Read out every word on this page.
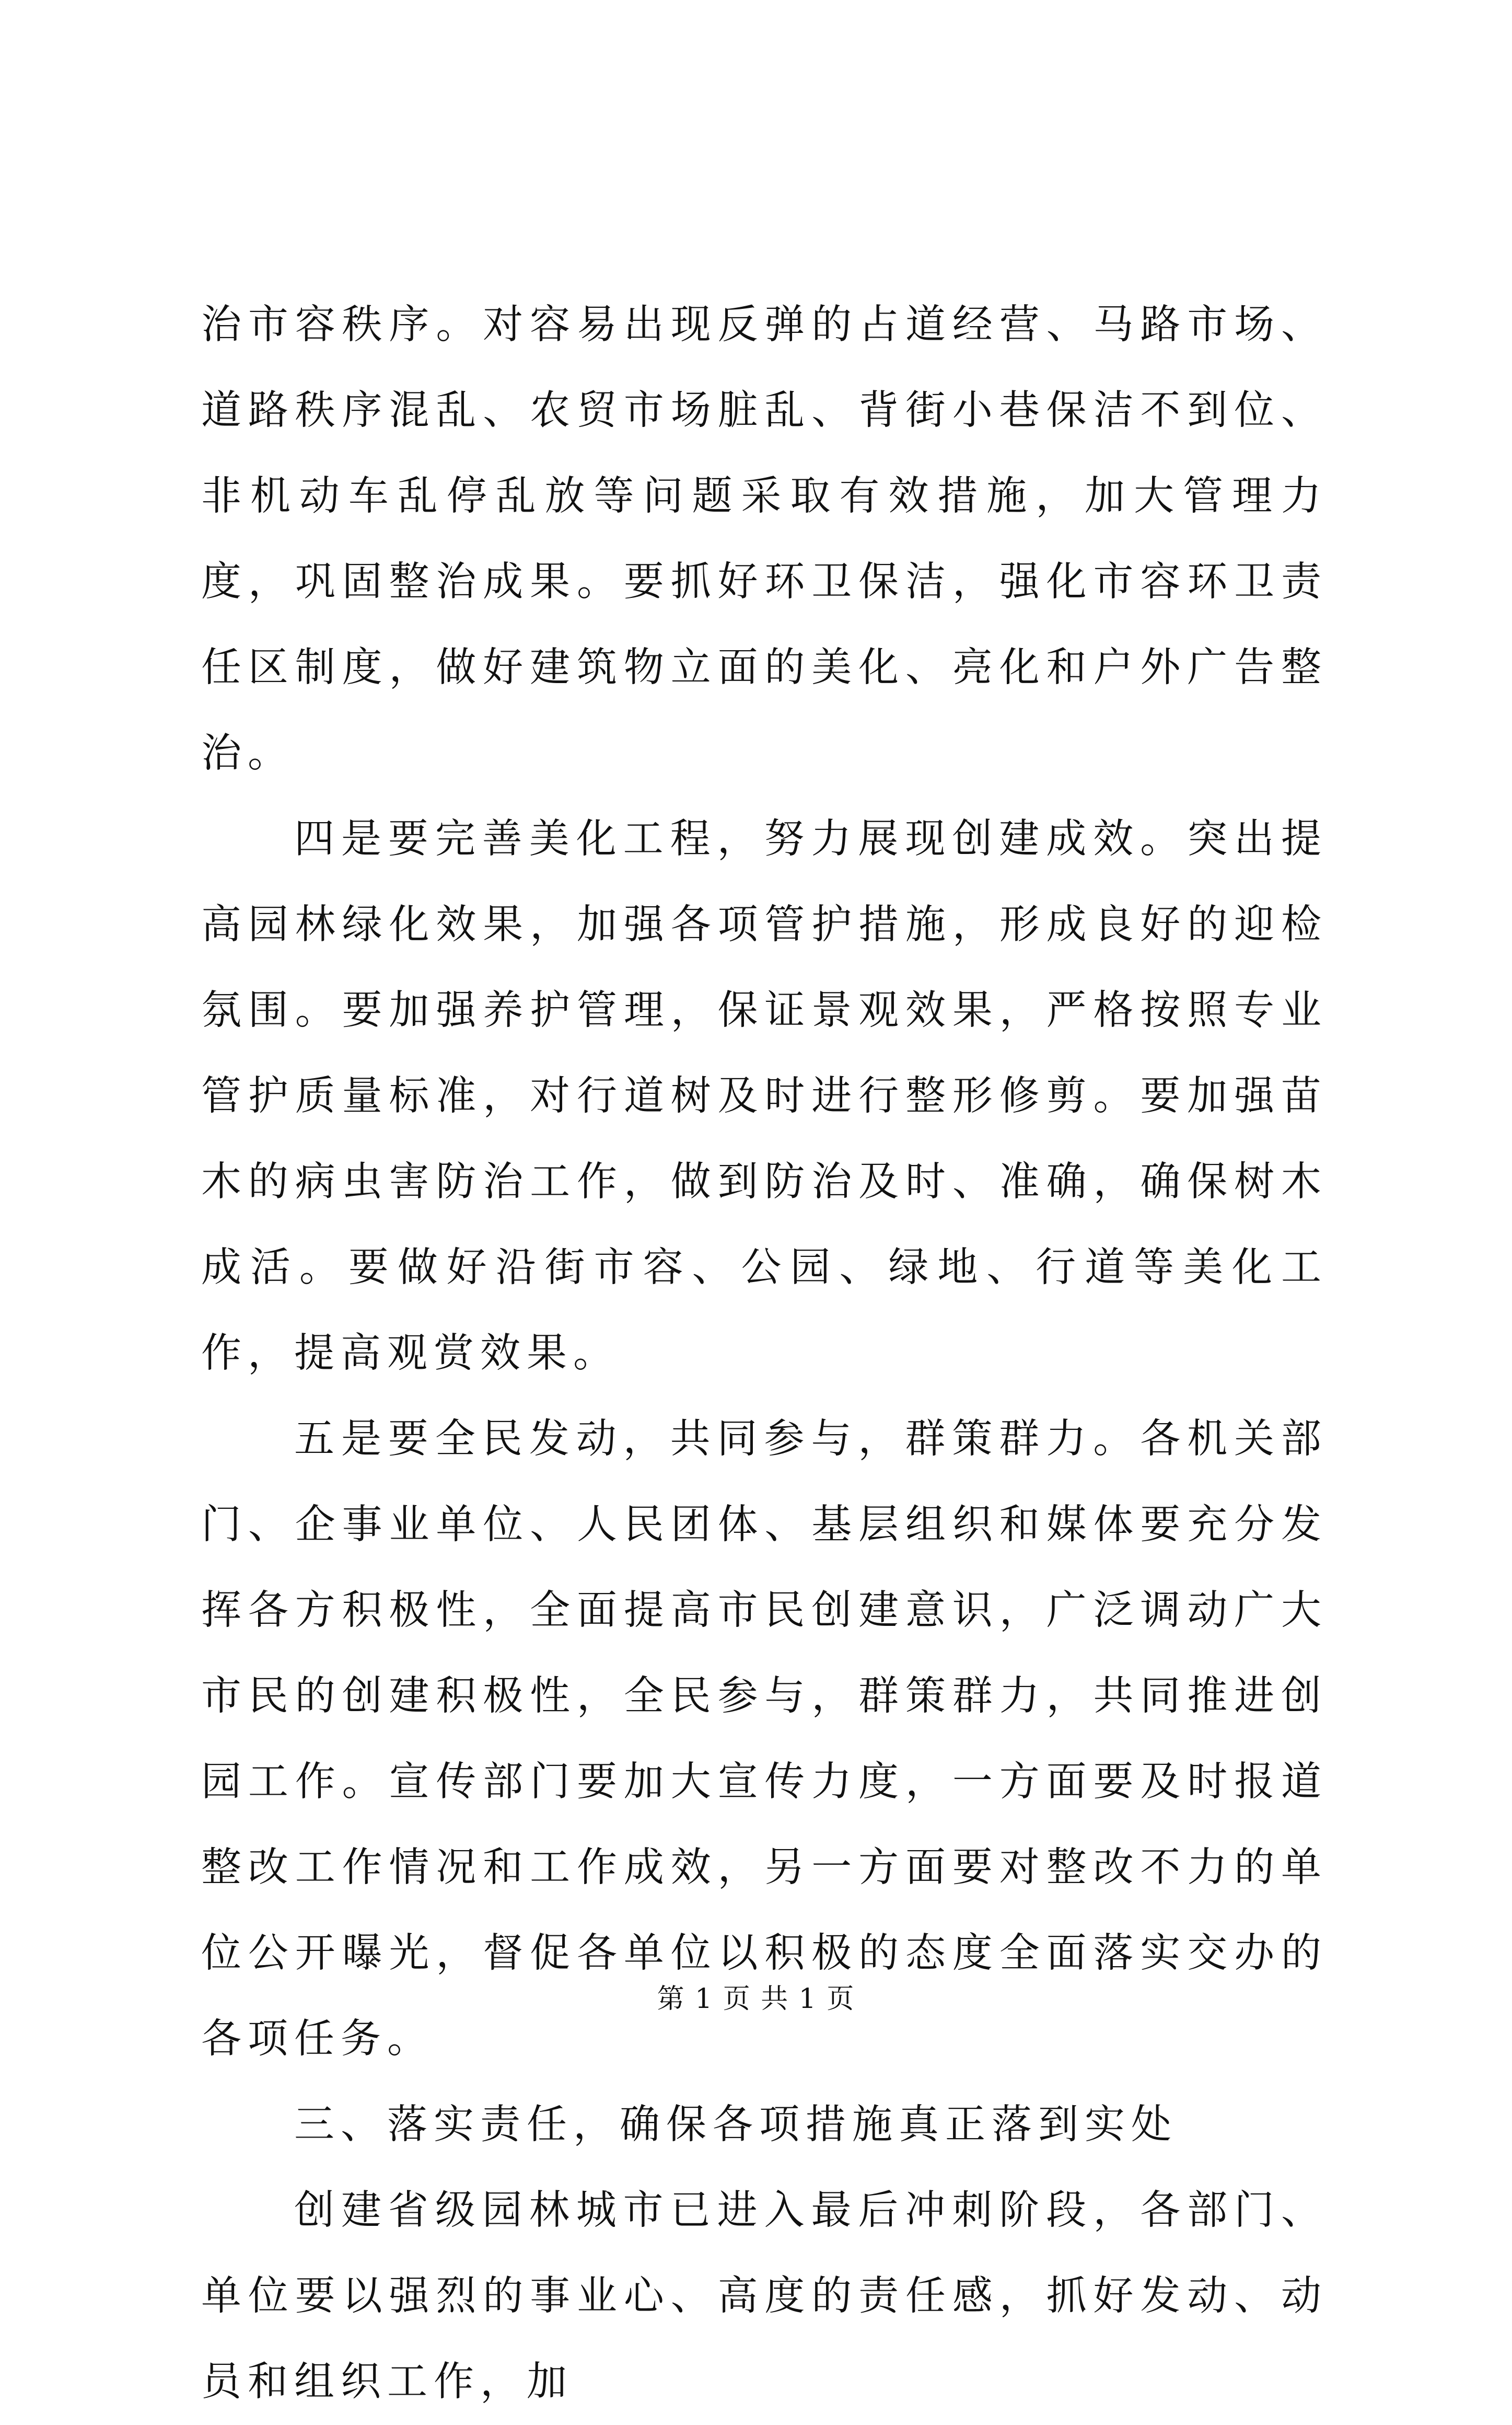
治市容秩序。对容易出现反弹的占道经营、马路市场、道路秩序混乱、农贸市场脏乱、背街小巷保洁不到位、非机动车乱停乱放等问题采取有效措施，加大管理力度，巩固整治成果。要抓好环卫保洁，强化市容环卫责任区制度，做好建筑物立面的美化、亮化和户外广告整治。

四是要完善美化工程，努力展现创建成效。突出提高园林绿化效果，加强各项管护措施，形成良好的迎检氛围。要加强养护管理，保证景观效果，严格按照专业管护质量标准，对行道树及时进行整形修剪。要加强苗木的病虫害防治工作，做到防治及时、准确，确保树木成活。要做好沿街市容、公园、绿地、行道等美化工作，提高观赏效果。

五是要全民发动，共同参与，群策群力。各机关部门、企事业单位、人民团体、基层组织和媒体要充分发挥各方积极性，全面提高市民创建意识，广泛调动广大市民的创建积极性，全民参与，群策群力，共同推进创园工作。宣传部门要加大宣传力度，一方面要及时报道整改工作情况和工作成效，另一方面要对整改不力的单位公开曝光，督促各单位以积极的态度全面落实交办的各项任务。

三、落实责任，确保各项措施真正落到实处

创建省级园林城市已进入最后冲刺阶段，各部门、单位要以强烈的事业心、高度的责任感，抓好发动、动员和组织工作，加

第 1 页 共 1 页
